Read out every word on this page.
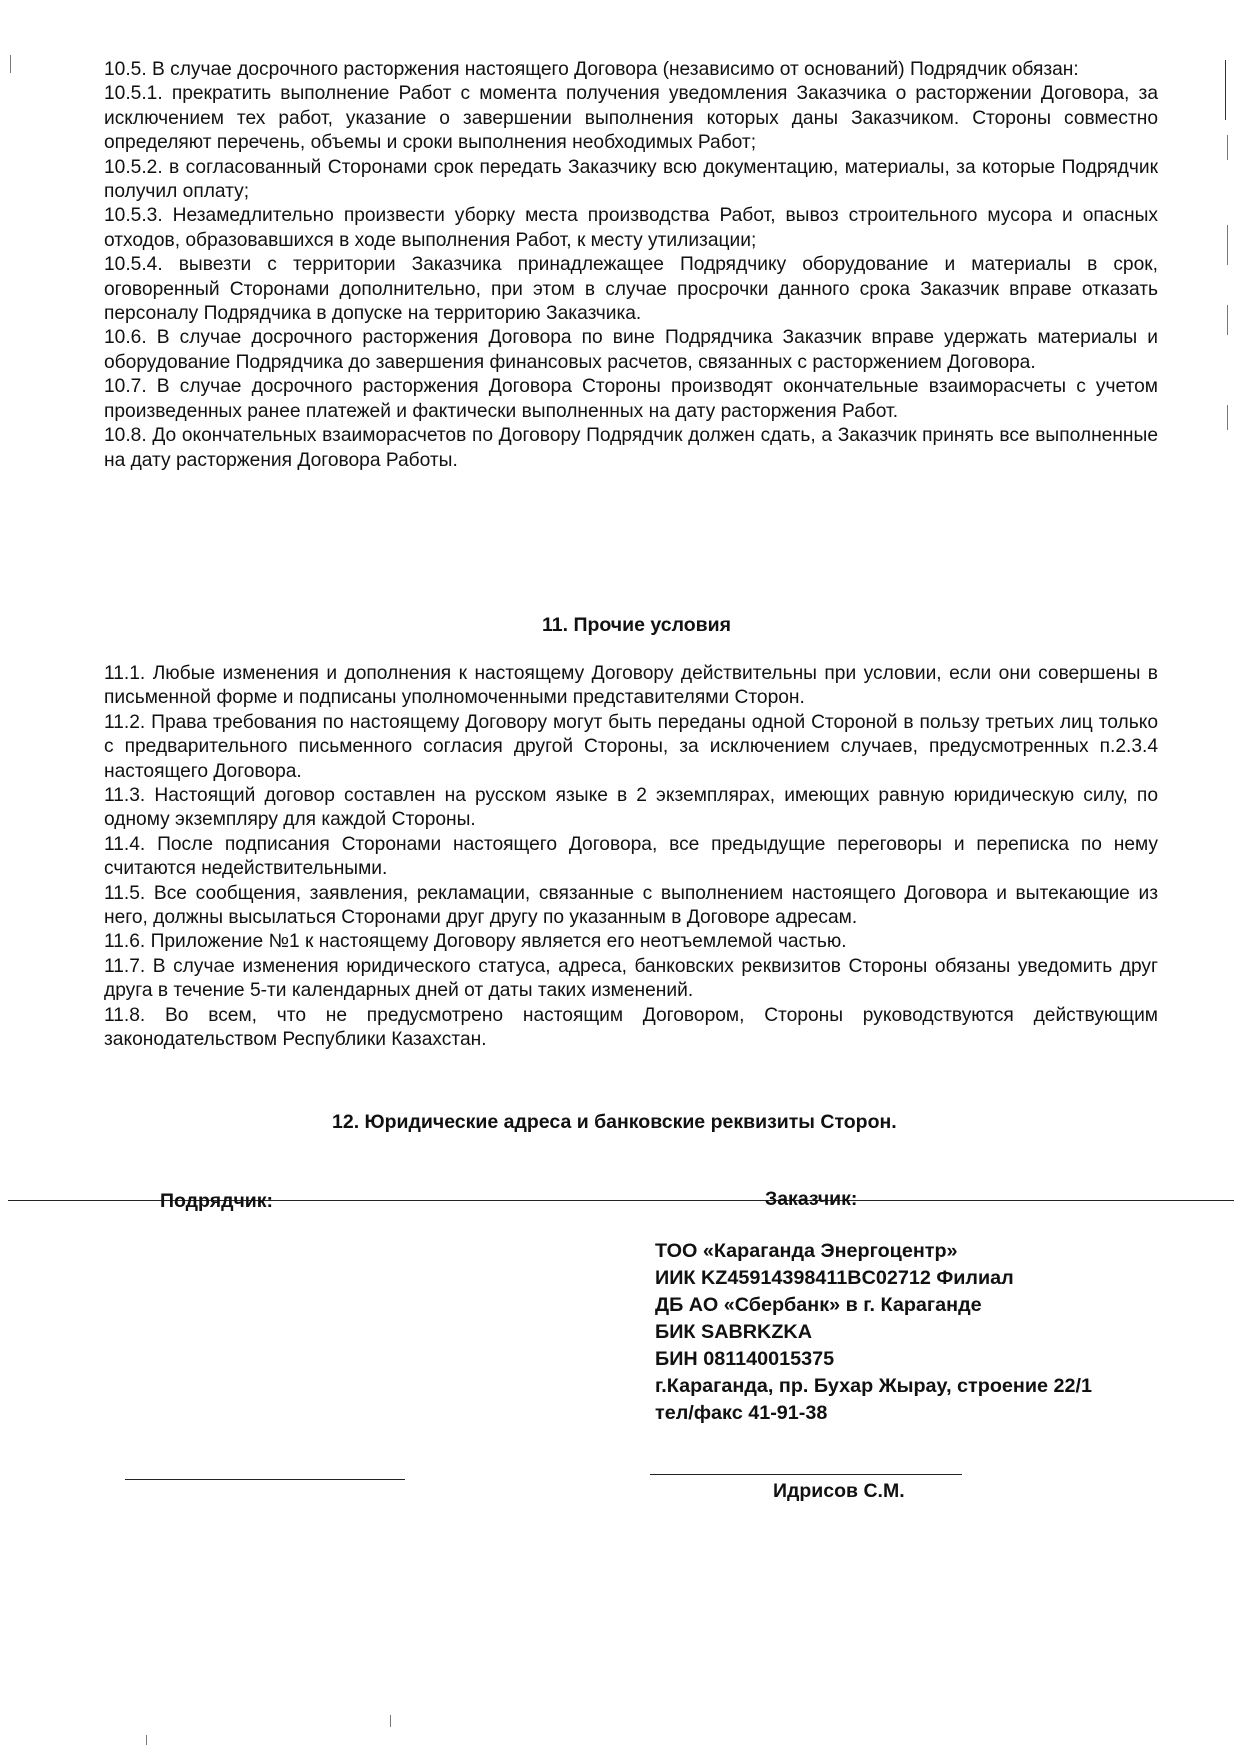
10.5. В случае досрочного расторжения настоящего Договора (независимо от оснований) Подрядчик обязан:

10.5.1. прекратить выполнение Работ с момента получения уведомления Заказчика о расторжении Договора, за исключением тех работ, указание о завершении выполнения которых даны Заказчиком. Стороны совместно определяют перечень, объемы и сроки выполнения необходимых Работ;

10.5.2. в согласованный Сторонами срок передать Заказчику всю документацию, материалы, за которые Подрядчик получил оплату;

10.5.3. Незамедлительно произвести уборку места производства Работ, вывоз строительного мусора и опасных отходов, образовавшихся в ходе выполнения Работ, к месту утилизации;

10.5.4. вывезти с территории Заказчика принадлежащее Подрядчику оборудование и материалы в срок, оговоренный Сторонами дополнительно, при этом в случае просрочки данного срока Заказчик вправе отказать персоналу Подрядчика в допуске на территорию Заказчика.

10.6. В случае досрочного расторжения Договора по вине Подрядчика Заказчик вправе удержать материалы и оборудование Подрядчика до завершения финансовых расчетов, связанных с расторжением Договора.

10.7. В случае досрочного расторжения Договора Стороны производят окончательные взаиморасчеты с учетом произведенных ранее платежей и фактически выполненных на дату расторжения Работ.

10.8. До окончательных взаиморасчетов по Договору Подрядчик должен сдать, а Заказчик принять все выполненные на дату расторжения Договора Работы.

11. Прочие условия

11.1. Любые изменения и дополнения к настоящему Договору действительны при условии, если они совершены в письменной форме и подписаны уполномоченными представителями Сторон.

11.2. Права требования по настоящему Договору могут быть переданы одной Стороной в пользу третьих лиц только с предварительного письменного согласия другой Стороны, за исключением случаев, предусмотренных п.2.3.4 настоящего Договора.

11.3. Настоящий договор составлен на русском языке в 2 экземплярах, имеющих равную юридическую силу, по одному экземпляру для каждой Стороны.

11.4. После подписания Сторонами настоящего Договора, все предыдущие переговоры и переписка по нему считаются недействительными.

11.5. Все сообщения, заявления, рекламации, связанные с выполнением настоящего Договора и вытекающие из него, должны высылаться Сторонами друг другу по указанным в Договоре адресам.

11.6. Приложение №1 к настоящему Договору является его неотъемлемой частью.

11.7. В случае изменения юридического статуса, адреса, банковских реквизитов Стороны обязаны уведомить друг друга в течение 5-ти календарных дней от даты таких изменений.

11.8. Во всем, что не предусмотрено настоящим Договором, Стороны руководствуются действующим законодательством Республики Казахстан.

12. Юридические адреса и банковские реквизиты Сторон.
Подрядчик:	Заказчик:
ТОО «Караганда Энергоцентр»
ИИК KZ45914398411BC02712 Филиал
ДБ АО «Сбербанк» в г. Караганде
БИК SABRKZKA
БИН 081140015375
г.Караганда, пр. Бухар Жырау, строение 22/1
тел/факс 41-91-38
Идрисов С.М.
